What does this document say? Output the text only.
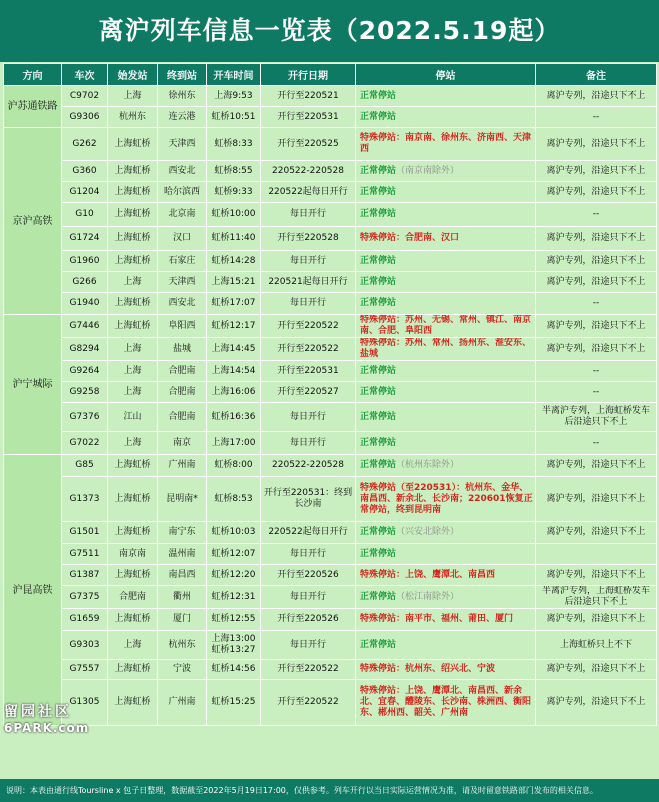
离沪列车信息一览表（2022.5.19起）
方向	车次	始发站	终到站	开车时间	开行日期	停站	备注
沪苏通铁路	C9702	上海	徐州东	上海9:53	开行至220521	正常停站	离沪专列，沿途只下不上
	G9306	杭州东	连云港	虹桥10:51	开行至220531	正常停站	--
京沪高铁	G262	上海虹桥	天津西	虹桥8:33	开行至220525	特殊停站：南京南、徐州东、济南西、天津西	离沪专列，沿途只下不上
	G360	上海虹桥	西安北	虹桥8:55	220522-220528	正常停站（南京南除外）	离沪专列，沿途只下不上
	G1204	上海虹桥	哈尔滨西	虹桥9:33	220522起每日开行	正常停站	离沪专列，沿途只下不上
	G10	上海虹桥	北京南	虹桥10:00	每日开行	正常停站	--
	G1724	上海虹桥	汉口	虹桥11:40	开行至220528	特殊停站：合肥南、汉口	离沪专列，沿途只下不上
	G1960	上海虹桥	石家庄	虹桥14:28	每日开行	正常停站	离沪专列，沿途只下不上
	G266	上海	天津西	上海15:21	220521起每日开行	正常停站	离沪专列，沿途只下不上
	G1940	上海虹桥	西安北	虹桥17:07	每日开行	正常停站	--
沪宁城际	G7446	上海虹桥	阜阳西	虹桥12:17	开行至220522	特殊停站：苏州、无锡、常州、镇江、南京南、合肥、阜阳西	离沪专列，沿途只下不上
	G8294	上海	盐城	上海14:45	开行至220522	特殊停站：苏州、常州、扬州东、淮安东、盐城	离沪专列，沿途只下不上
	G9264	上海	合肥南	上海14:54	开行至220531	正常停站	--
	G9258	上海	合肥南	上海16:06	开行至220527	正常停站	--
	G7376	江山	合肥南	虹桥16:36	每日开行	正常停站	半离沪专列，上海虹桥发车后沿途只下不上
	G7022	上海	南京	上海17:00	每日开行	正常停站	--
沪昆高铁	G85	上海虹桥	广州南	虹桥8:00	220522-220528	正常停站（杭州东除外）	离沪专列，沿途只下不上
	G1373	上海虹桥	昆明南*	虹桥8:53	开行至220531：终到长沙南	特殊停站（至220531）：杭州东、金华、南昌西、新余北、长沙南；220601恢复正常停站，终到昆明南	离沪专列，沿途只下不上
	G1501	上海虹桥	南宁东	虹桥10:03	220522起每日开行	正常停站（兴安北除外）	离沪专列，沿途只下不上
	G7511	南京南	温州南	虹桥12:07	每日开行	正常停站	
	G1387	上海虹桥	南昌西	虹桥12:20	开行至220526	特殊停站：上饶、鹰潭北、南昌西	离沪专列，沿途只下不上
	G7375	合肥南	衢州	虹桥12:31	每日开行	正常停站（松江南除外）	半离沪专列，上海虹桥发车后沿途只下不上
	G1659	上海虹桥	厦门	虹桥12:55	开行至220526	特殊停站：南平市、福州、莆田、厦门	离沪专列，沿途只下不上
	G9303	上海	杭州东	上海13:00 虹桥13:27	每日开行	正常停站	上海虹桥只上不下
	G7557	上海虹桥	宁波	虹桥14:56	开行至220522	特殊停站：杭州东、绍兴北、宁波	离沪专列，沿途只下不上
	G1305	上海虹桥	广州南	虹桥15:25	开行至220522	特殊停站：上饶、鹰潭北、南昌西、新余北、宜春、醴陵东、长沙南、株洲西、衡阳东、郴州西、韶关、广州南	离沪专列，沿途只下不上
留园社区
6PARK.com
说明：本表由通行线Toursline x 包子日整理，数据截至2022年5月19日17:00，仅供参考。列车开行以当日实际运营情况为准，请及时留意铁路部门发布的相关信息。
